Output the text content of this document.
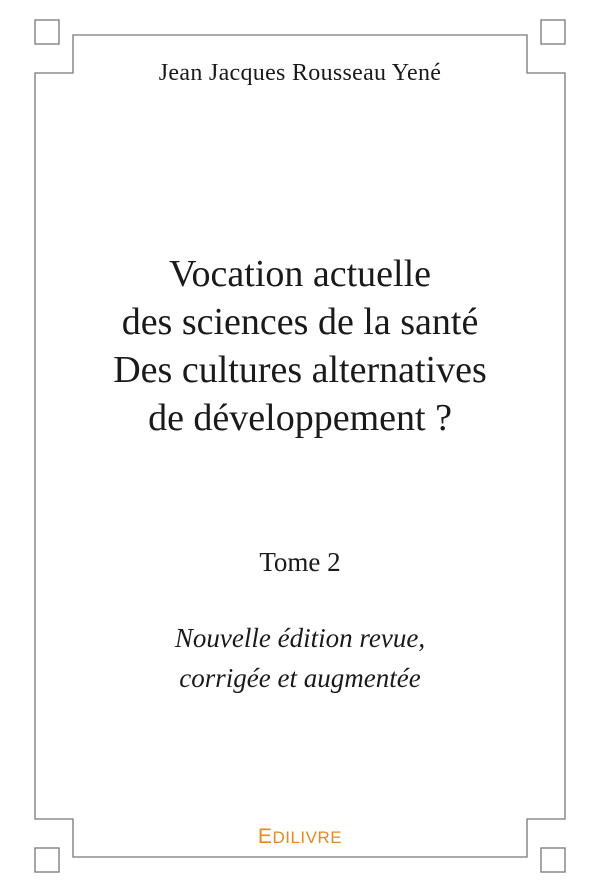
Jean Jacques Rousseau Yené
Vocation actuelle
des sciences de la santé
Des cultures alternatives
de développement ?
Tome 2
Nouvelle édition revue,
corrigée et augmentée
EDILIVRE
